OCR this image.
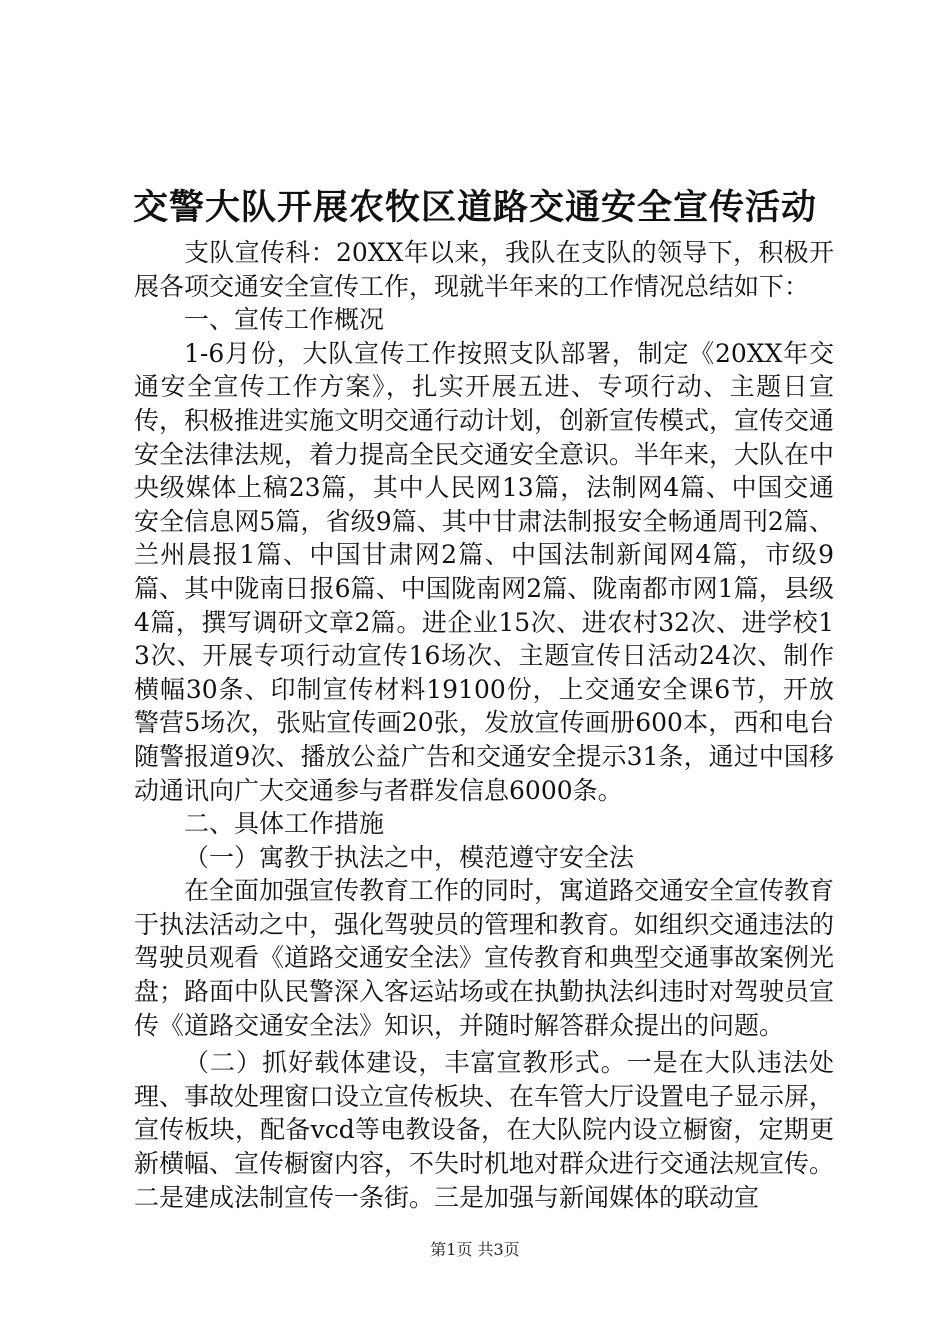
交警大队开展农牧区道路交通安全宣传活动

支队宣传科：20XX年以来，我队在支队的领导下，积极开展各项交通安全宣传工作，现就半年来的工作情况总结如下：

一、宣传工作概况

1-6月份，大队宣传工作按照支队部署，制定《20XX年交通安全宣传工作方案》，扎实开展五进、专项行动、主题日宣传，积极推进实施文明交通行动计划，创新宣传模式，宣传交通安全法律法规，着力提高全民交通安全意识。半年来，大队在中央级媒体上稿23篇，其中人民网13篇，法制网4篇、中国交通安全信息网5篇，省级9篇、其中甘肃法制报安全畅通周刊2篇、兰州晨报1篇、中国甘肃网2篇、中国法制新闻网4篇，市级9篇、其中陇南日报6篇、中国陇南网2篇、陇南都市网1篇，县级4篇，撰写调研文章2篇。进企业15次、进农村32次、进学校13次、开展专项行动宣传16场次、主题宣传日活动24次、制作横幅30条、印制宣传材料19100份，上交通安全课6节，开放警营5场次，张贴宣传画20张，发放宣传画册600本，西和电台随警报道9次、播放公益广告和交通安全提示31条，通过中国移动通讯向广大交通参与者群发信息6000条。

二、具体工作措施

（一）寓教于执法之中，模范遵守安全法

在全面加强宣传教育工作的同时，寓道路交通安全宣传教育于执法活动之中，强化驾驶员的管理和教育。如组织交通违法的驾驶员观看《道路交通安全法》宣传教育和典型交通事故案例光盘；路面中队民警深入客运站场或在执勤执法纠违时对驾驶员宣传《道路交通安全法》知识，并随时解答群众提出的问题。

（二）抓好载体建设，丰富宣教形式。一是在大队违法处理、事故处理窗口设立宣传板块、在车管大厅设置电子显示屏，宣传板块，配备vcd等电教设备，在大队院内设立橱窗，定期更新横幅、宣传橱窗内容，不失时机地对群众进行交通法规宣传。二是建成法制宣传一条街。三是加强与新闻媒体的联动宣

第1页 共3页
